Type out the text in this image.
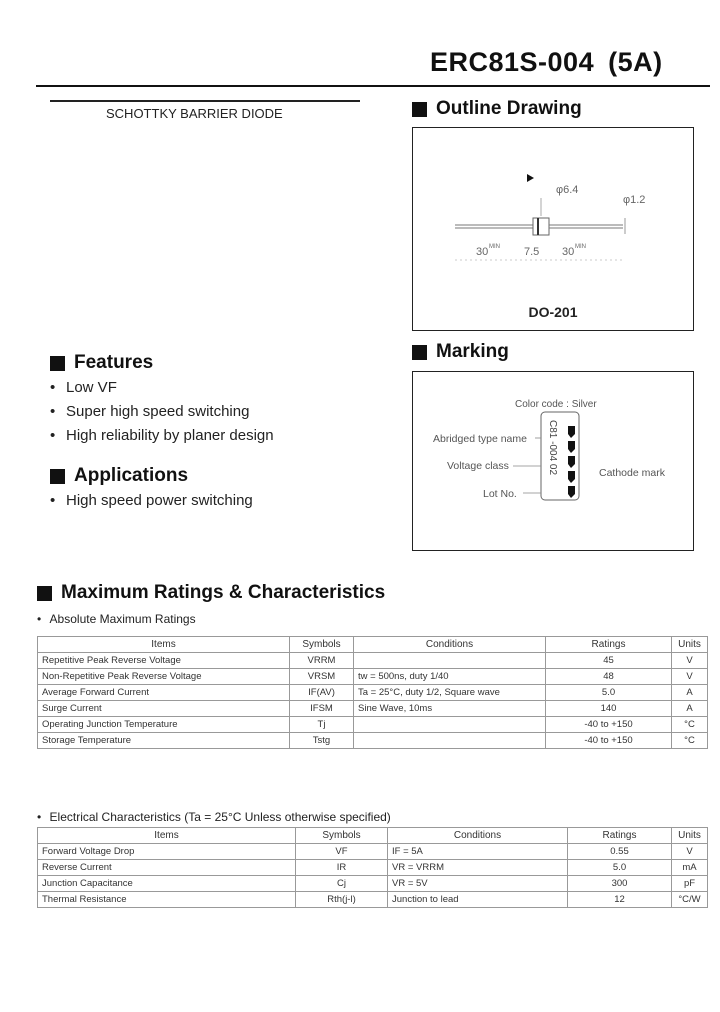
ERC81S-004 (5A)
SCHOTTKY BARRIER DIODE	Outline Drawing
φ6.4
φ1.2
30 MIN 7.5 30 MIN
DO-201
Marking
Color code : Silver
Abridged type name
Voltage class
Lot No.
Cathode mark
C81 -004 02
Features
• Low VF
• Super high speed switching
• High reliability by planer design
Applications
• High speed power switching
Maximum Ratings & Characteristics
• Absolute Maximum Ratings
Items	Symbols	Conditions	Ratings	Units
Repetitive Peak Reverse Voltage	VRRM		45	V
Non-Repetitive Peak Reverse Voltage	VRSM	tw = 500ns, duty 1/40	48	V
Average Forward Current	IF(AV)	Ta = 25°C, duty 1/2, Square wave	5.0	A
Surge Current	IFSM	Sine Wave, 10ms	140	A
Operating Junction Temperature	Tj		-40 to +150	°C
Storage Temperature	Tstg		-40 to +150	°C
• Electrical Characteristics (Ta = 25°C Unless otherwise specified)
Items	Symbols	Conditions	Ratings	Units
Forward Voltage Drop	VF	IF = 5A	0.55	V
Reverse Current	IR	VR = VRRM	5.0	mA
Junction Capacitance	Cj	VR = 5V	300	pF
Thermal Resistance	Rth(j-l)	Junction to lead	12	°C/W
